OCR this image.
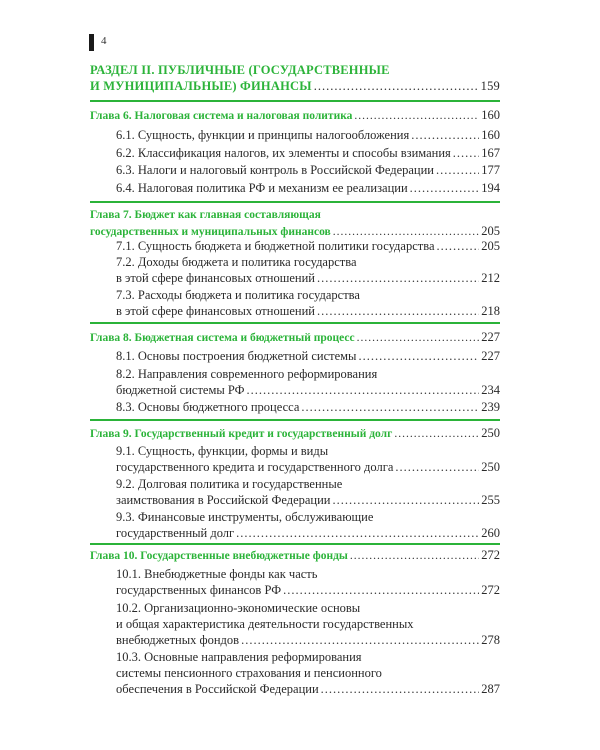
4
РАЗДЕЛ II. ПУБЛИЧНЫЕ (ГОСУДАРСТВЕННЫЕ
И МУНИЦИПАЛЬНЫЕ) ФИНАНСЫ .....	159
Глава 6. Налоговая система и налоговая политика .....	160
6.1. Сущность, функции и принципы налогообложения .....	160
6.2. Классификация налогов, их элементы и способы взимания ..... 167
6.3. Налоги и налоговый контроль в Российской Федерации .....	177
6.4. Налоговая политика РФ и механизм ее реализации .....	194
Глава 7. Бюджет как главная составляющая
государственных и муниципальных финансов .....	205
7.1. Сущность бюджета и бюджетной политики государства .....	205
7.2. Доходы бюджета и политика государства
в этой сфере финансовых отношений .....	212
7.3. Расходы бюджета и политика государства
в этой сфере финансовых отношений .....	218
Глава 8. Бюджетная система и бюджетный процесс .....	227
8.1. Основы построения бюджетной системы .....	227
8.2. Направления современного реформирования
бюджетной системы РФ .....	234
8.3. Основы бюджетного процесса .....	239
Глава 9. Государственный кредит и государственный долг .....	250
9.1. Сущность, функции, формы и виды
государственного кредита и государственного долга .....	250
9.2. Долговая политика и государственные
заимствования в Российской Федерации .....	255
9.3. Финансовые инструменты, обслуживающие
государственный долг .....	260
Глава 10. Государственные внебюджетные фонды .....	272
10.1. Внебюджетные фонды как часть
государственных финансов РФ .....	272
10.2. Организационно-экономические основы
и общая характеристика деятельности государственных
внебюджетных фондов .....	278
10.3. Основные направления реформирования
системы пенсионного страхования и пенсионного
обеспечения в Российской Федерации .....	287
